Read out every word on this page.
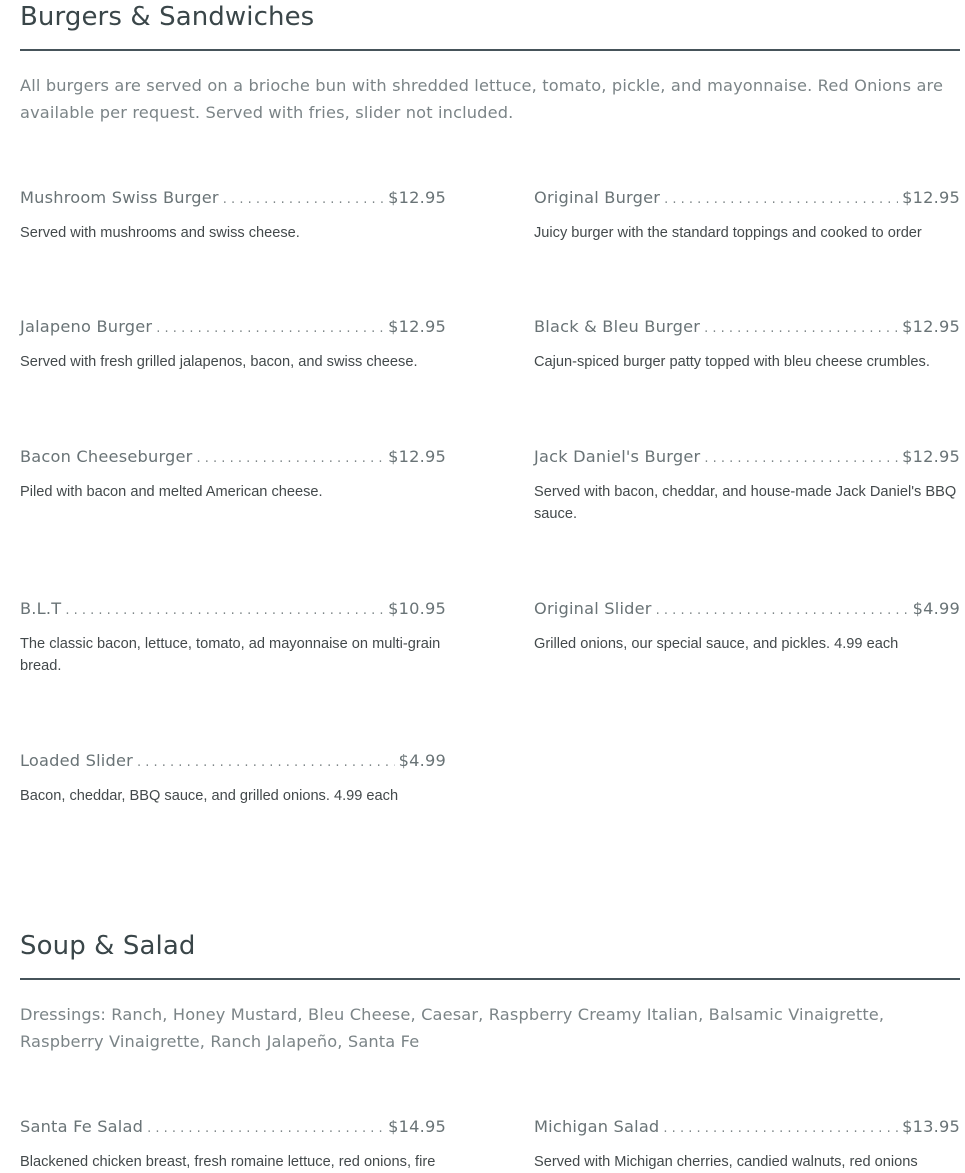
Burgers & Sandwiches

All burgers are served on a brioche bun with shredded lettuce, tomato, pickle, and mayonnaise. Red Onions are available per request. Served with fries, slider not included.

Mushroom Swiss Burger . . .	$12.95

Served with mushrooms and swiss cheese.

Original Burger . . .	$12.95

Juicy burger with the standard toppings and cooked to order

Jalapeno Burger . . .	$12.95

Served with fresh grilled jalapenos, bacon, and swiss cheese.

Black & Bleu Burger . . .	$12.95

Cajun-spiced burger patty topped with bleu cheese crumbles.

Bacon Cheeseburger . . .	$12.95

Piled with bacon and melted American cheese.

Jack Daniel's Burger . . .	$12.95

Served with bacon, cheddar, and house-made Jack Daniel's BBQ sauce.

B.L.T . . .	$10.95

The classic bacon, lettuce, tomato, ad mayonnaise on multi-grain bread.

Original Slider . . .	$4.99

Grilled onions, our special sauce, and pickles. 4.99 each

Loaded Slider . . .	$4.99

Bacon, cheddar, BBQ sauce, and grilled onions. 4.99 each

Soup & Salad

Dressings: Ranch, Honey Mustard, Bleu Cheese, Caesar, Raspberry Creamy Italian, Balsamic Vinaigrette, Raspberry Vinaigrette, Ranch Jalapeño, Santa Fe

Santa Fe Salad . . .	$14.95

Blackened chicken breast, fresh romaine lettuce, red onions, fire

Michigan Salad . . .	$13.95

Served with Michigan cherries, candied walnuts, red onions
